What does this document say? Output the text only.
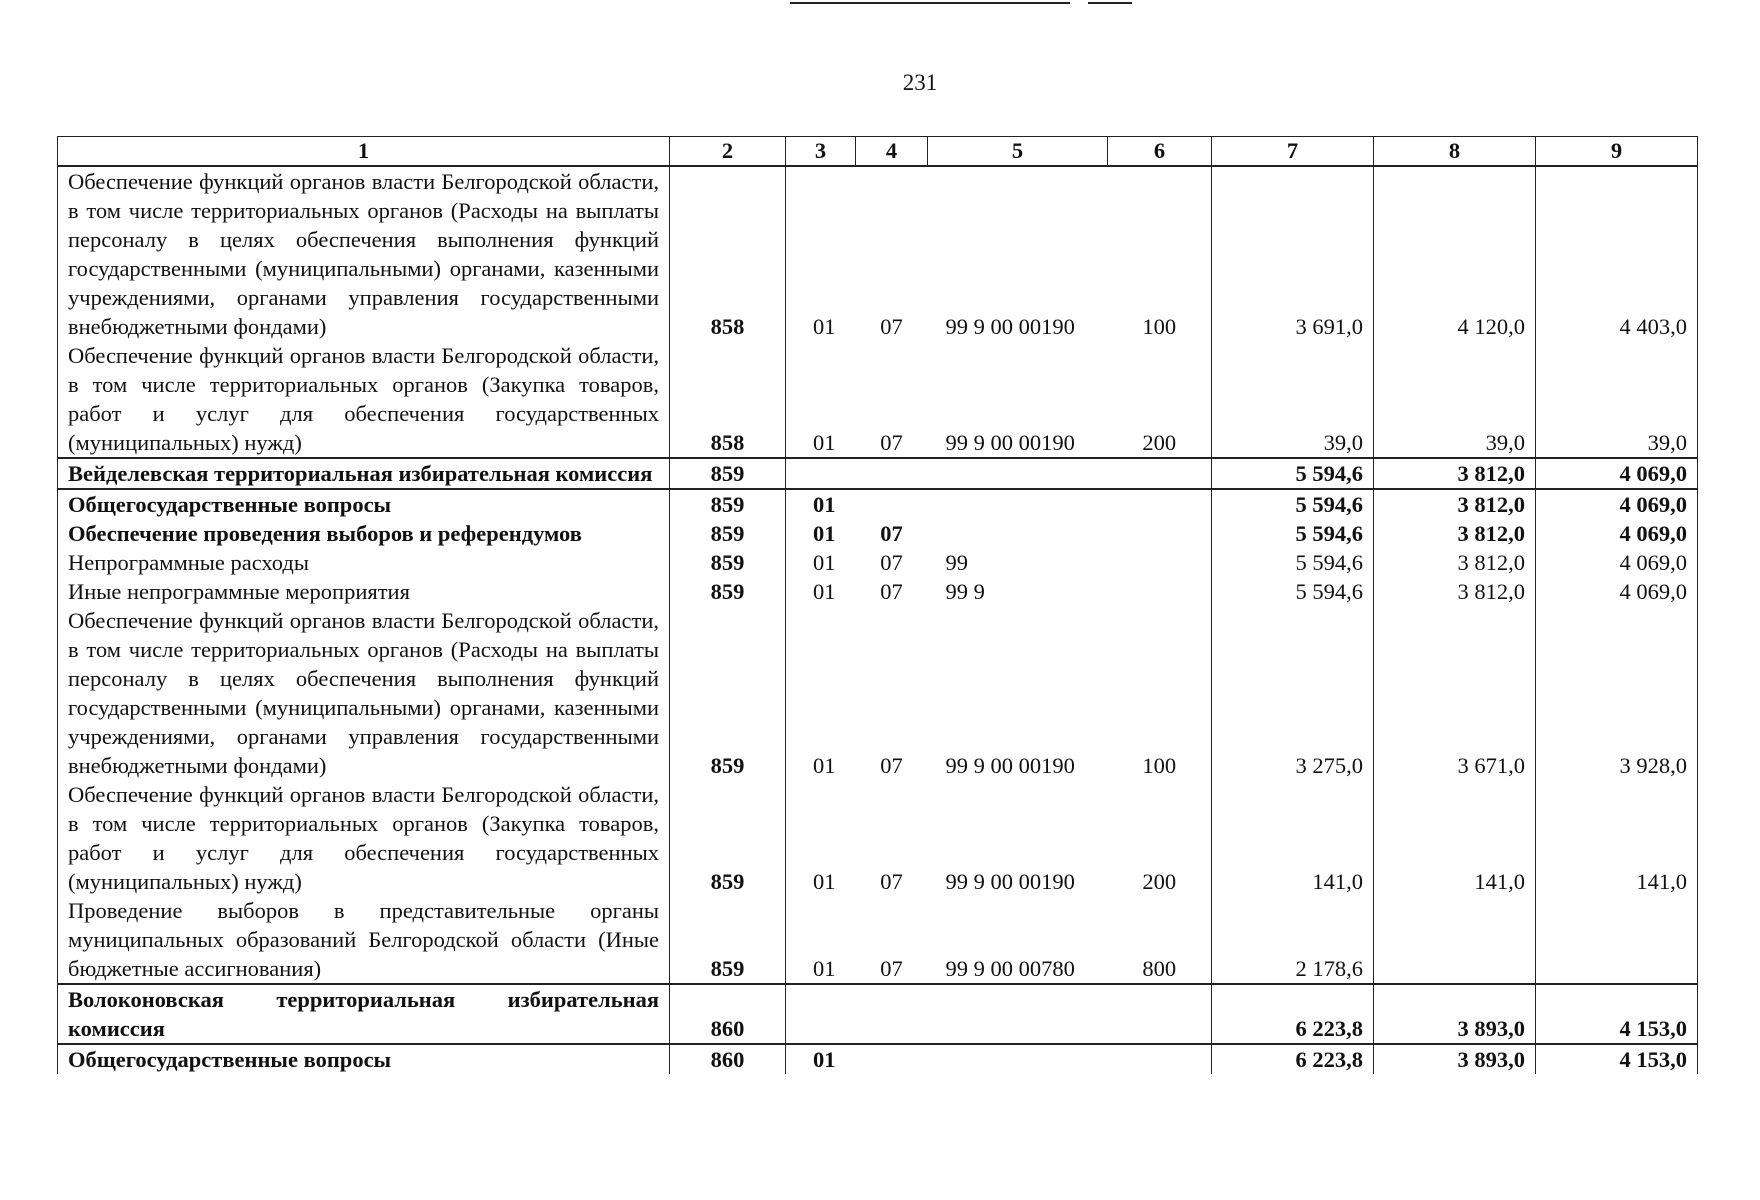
231
1	2	3	4	5	6	7	8	9
Обеспечение функций органов власти Белгородской области, в том числе территориальных органов (Расходы на выплаты персоналу в целях обеспечения выполнения функций государственными (муниципальными) органами, казенными учреждениями, органами управления государственными внебюджетными фондами)	858	01	07	99 9 00 00190	100	3 691,0	4 120,0	4 403,0
Обеспечение функций органов власти Белгородской области, в том числе территориальных органов (Закупка товаров, работ и услуг для обеспечения государственных (муниципальных) нужд)	858	01	07	99 9 00 00190	200	39,0	39,0	39,0
Вейделевская территориальная избирательная комиссия	859					5 594,6	3 812,0	4 069,0
Общегосударственные вопросы	859	01				5 594,6	3 812,0	4 069,0
Обеспечение проведения выборов и референдумов	859	01	07			5 594,6	3 812,0	4 069,0
Непрограммные расходы	859	01	07	99		5 594,6	3 812,0	4 069,0
Иные непрограммные мероприятия	859	01	07	99 9		5 594,6	3 812,0	4 069,0
Обеспечение функций органов власти Белгородской области, в том числе территориальных органов (Расходы на выплаты персоналу в целях обеспечения выполнения функций государственными (муниципальными) органами, казенными учреждениями, органами управления государственными внебюджетными фондами)	859	01	07	99 9 00 00190	100	3 275,0	3 671,0	3 928,0
Обеспечение функций органов власти Белгородской области, в том числе территориальных органов (Закупка товаров, работ и услуг для обеспечения государственных (муниципальных) нужд)	859	01	07	99 9 00 00190	200	141,0	141,0	141,0
Проведение выборов в представительные органы муниципальных образований Белгородской области (Иные бюджетные ассигнования)	859	01	07	99 9 00 00780	800	2 178,6		
Волоконовская территориальная избирательная комиссия	860					6 223,8	3 893,0	4 153,0
Общегосударственные вопросы	860	01				6 223,8	3 893,0	4 153,0
